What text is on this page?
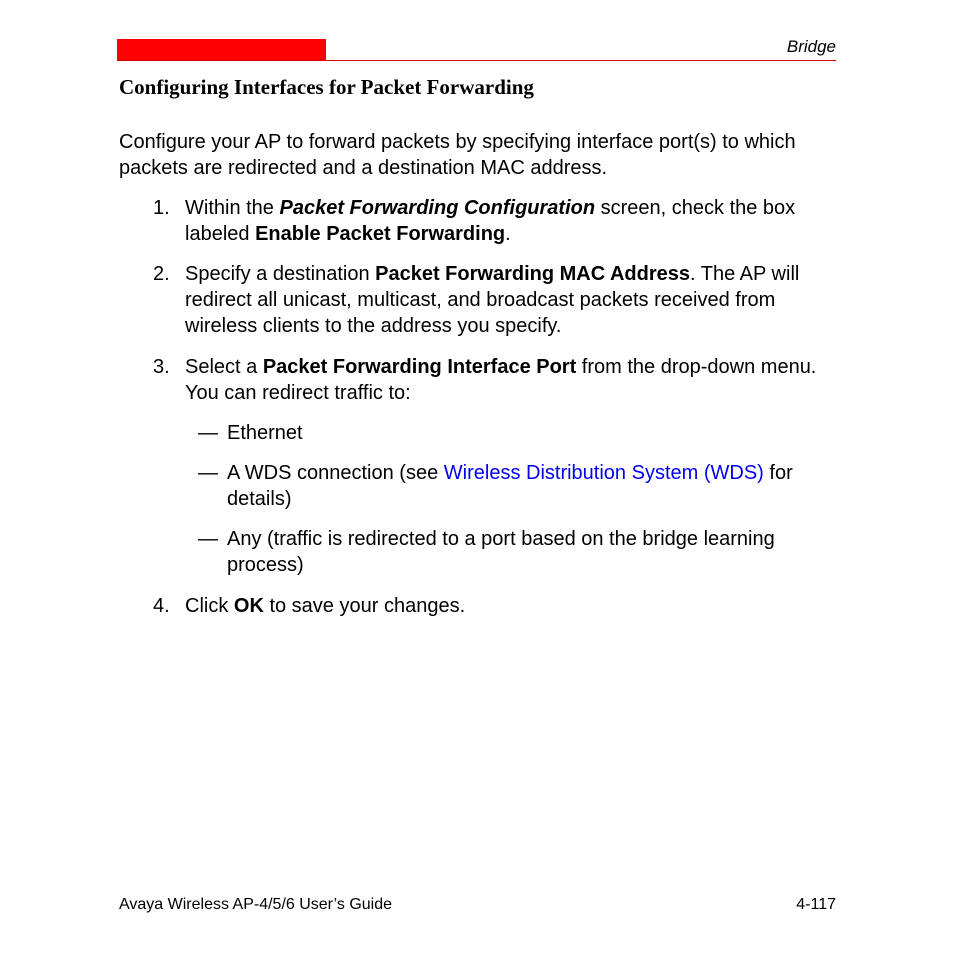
Bridge
Configuring Interfaces for Packet Forwarding
Configure your AP to forward packets by specifying interface port(s) to which packets are redirected and a destination MAC address.
1. Within the Packet Forwarding Configuration screen, check the box labeled Enable Packet Forwarding.
2. Specify a destination Packet Forwarding MAC Address. The AP will redirect all unicast, multicast, and broadcast packets received from wireless clients to the address you specify.
3. Select a Packet Forwarding Interface Port from the drop-down menu. You can redirect traffic to:
— Ethernet
— A WDS connection (see Wireless Distribution System (WDS) for details)
— Any (traffic is redirected to a port based on the bridge learning process)
4. Click OK to save your changes.
Avaya Wireless AP-4/5/6 User’s Guide	4-117
